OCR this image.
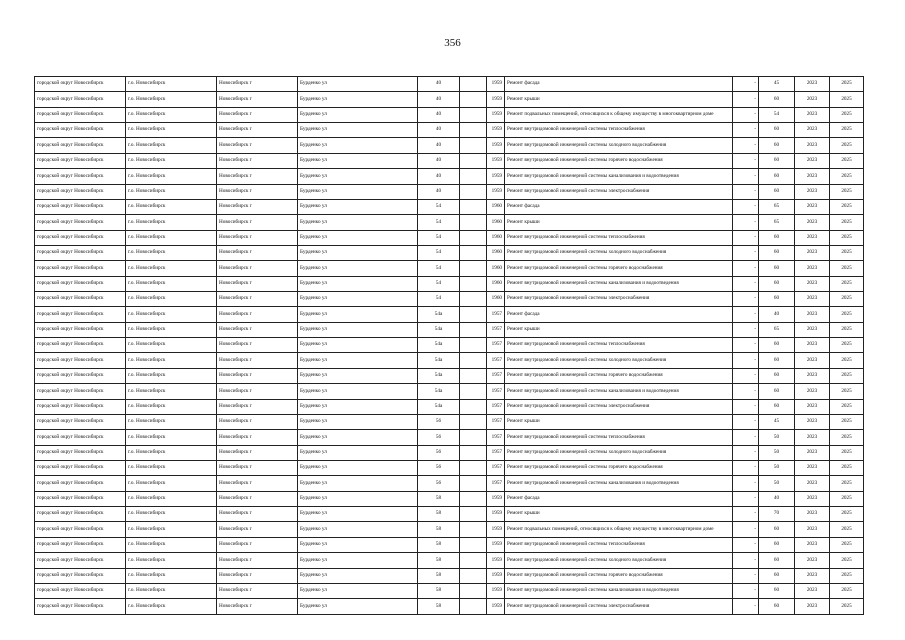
356
городской округ Новосибирск	г.о. Новосибирск	Новосибирск г	Бурденко ул	40		1959	Ремонт фасада	-	45	2023	2025
городской округ Новосибирск	г.о. Новосибирск	Новосибирск г	Бурденко ул	40		1959	Ремонт крыши	-	60	2023	2025
городской округ Новосибирск	г.о. Новосибирск	Новосибирск г	Бурденко ул	40		1959	Ремонт подвальных помещений, относящихся к общему имуществу в многоквартирном доме	-	54	2023	2025
городской округ Новосибирск	г.о. Новосибирск	Новосибирск г	Бурденко ул	40		1959	Ремонт внутридомовой инженерной системы теплоснабжения	-	60	2023	2025
городской округ Новосибирск	г.о. Новосибирск	Новосибирск г	Бурденко ул	40		1959	Ремонт внутридомовой инженерной системы холодного водоснабжения	-	60	2023	2025
городской округ Новосибирск	г.о. Новосибирск	Новосибирск г	Бурденко ул	40		1959	Ремонт внутридомовой инженерной системы горячего водоснабжения	-	60	2023	2025
городской округ Новосибирск	г.о. Новосибирск	Новосибирск г	Бурденко ул	40		1959	Ремонт внутридомовой инженерной системы канализования и водоотведения	-	60	2023	2025
городской округ Новосибирск	г.о. Новосибирск	Новосибирск г	Бурденко ул	40		1959	Ремонт внутридомовой инженерной системы электроснабжения	-	60	2023	2025
городской округ Новосибирск	г.о. Новосибирск	Новосибирск г	Бурденко ул	54		1960	Ремонт фасада	-	65	2023	2025
городской округ Новосибирск	г.о. Новосибирск	Новосибирск г	Бурденко ул	54		1960	Ремонт крыши	-	65	2023	2025
городской округ Новосибирск	г.о. Новосибирск	Новосибирск г	Бурденко ул	54		1960	Ремонт внутридомовой инженерной системы теплоснабжения	-	60	2023	2025
городской округ Новосибирск	г.о. Новосибирск	Новосибирск г	Бурденко ул	54		1960	Ремонт внутридомовой инженерной системы холодного водоснабжения	-	60	2023	2025
городской округ Новосибирск	г.о. Новосибирск	Новосибирск г	Бурденко ул	54		1960	Ремонт внутридомовой инженерной системы горячего водоснабжения	-	60	2023	2025
городской округ Новосибирск	г.о. Новосибирск	Новосибирск г	Бурденко ул	54		1960	Ремонт внутридомовой инженерной системы канализования и водоотведения	-	60	2023	2025
городской округ Новосибирск	г.о. Новосибирск	Новосибирск г	Бурденко ул	54		1960	Ремонт внутридомовой инженерной системы электроснабжения	-	60	2023	2025
городской округ Новосибирск	г.о. Новосибирск	Новосибирск г	Бурденко ул	54а		1957	Ремонт фасада	-	40	2023	2025
городской округ Новосибирск	г.о. Новосибирск	Новосибирск г	Бурденко ул	54а		1957	Ремонт крыши	-	65	2023	2025
городской округ Новосибирск	г.о. Новосибирск	Новосибирск г	Бурденко ул	54а		1957	Ремонт внутридомовой инженерной системы теплоснабжения	-	60	2023	2025
городской округ Новосибирск	г.о. Новосибирск	Новосибирск г	Бурденко ул	54а		1957	Ремонт внутридомовой инженерной системы холодного водоснабжения	-	60	2023	2025
городской округ Новосибирск	г.о. Новосибирск	Новосибирск г	Бурденко ул	54а		1957	Ремонт внутридомовой инженерной системы горячего водоснабжения	-	60	2023	2025
городской округ Новосибирск	г.о. Новосибирск	Новосибирск г	Бурденко ул	54а		1957	Ремонт внутридомовой инженерной системы канализования и водоотведения	-	60	2023	2025
городской округ Новосибирск	г.о. Новосибирск	Новосибирск г	Бурденко ул	54а		1957	Ремонт внутридомовой инженерной системы электроснабжения	-	60	2023	2025
городской округ Новосибирск	г.о. Новосибирск	Новосибирск г	Бурденко ул	56		1957	Ремонт крыши	-	45	2023	2025
городской округ Новосибирск	г.о. Новосибирск	Новосибирск г	Бурденко ул	56		1957	Ремонт внутридомовой инженерной системы теплоснабжения	-	50	2023	2025
городской округ Новосибирск	г.о. Новосибирск	Новосибирск г	Бурденко ул	56		1957	Ремонт внутридомовой инженерной системы холодного водоснабжения	-	50	2023	2025
городской округ Новосибирск	г.о. Новосибирск	Новосибирск г	Бурденко ул	56		1957	Ремонт внутридомовой инженерной системы горячего водоснабжения	-	50	2023	2025
городской округ Новосибирск	г.о. Новосибирск	Новосибирск г	Бурденко ул	56		1957	Ремонт внутридомовой инженерной системы канализования и водоотведения	-	50	2023	2025
городской округ Новосибирск	г.о. Новосибирск	Новосибирск г	Бурденко ул	58		1959	Ремонт фасада	-	40	2023	2025
городской округ Новосибирск	г.о. Новосибирск	Новосибирск г	Бурденко ул	58		1959	Ремонт крыши	-	70	2023	2025
городской округ Новосибирск	г.о. Новосибирск	Новосибирск г	Бурденко ул	58		1959	Ремонт подвальных помещений, относящихся к общему имуществу в многоквартирном доме	-	60	2023	2025
городской округ Новосибирск	г.о. Новосибирск	Новосибирск г	Бурденко ул	58		1959	Ремонт внутридомовой инженерной системы теплоснабжения	-	60	2023	2025
городской округ Новосибирск	г.о. Новосибирск	Новосибирск г	Бурденко ул	58		1959	Ремонт внутридомовой инженерной системы холодного водоснабжения	-	60	2023	2025
городской округ Новосибирск	г.о. Новосибирск	Новосибирск г	Бурденко ул	58		1959	Ремонт внутридомовой инженерной системы горячего водоснабжения	-	60	2023	2025
городской округ Новосибирск	г.о. Новосибирск	Новосибирск г	Бурденко ул	58		1959	Ремонт внутридомовой инженерной системы канализования и водоотведения	-	60	2023	2025
городской округ Новосибирск	г.о. Новосибирск	Новосибирск г	Бурденко ул	58		1959	Ремонт внутридомовой инженерной системы электроснабжения	-	60	2023	2025
